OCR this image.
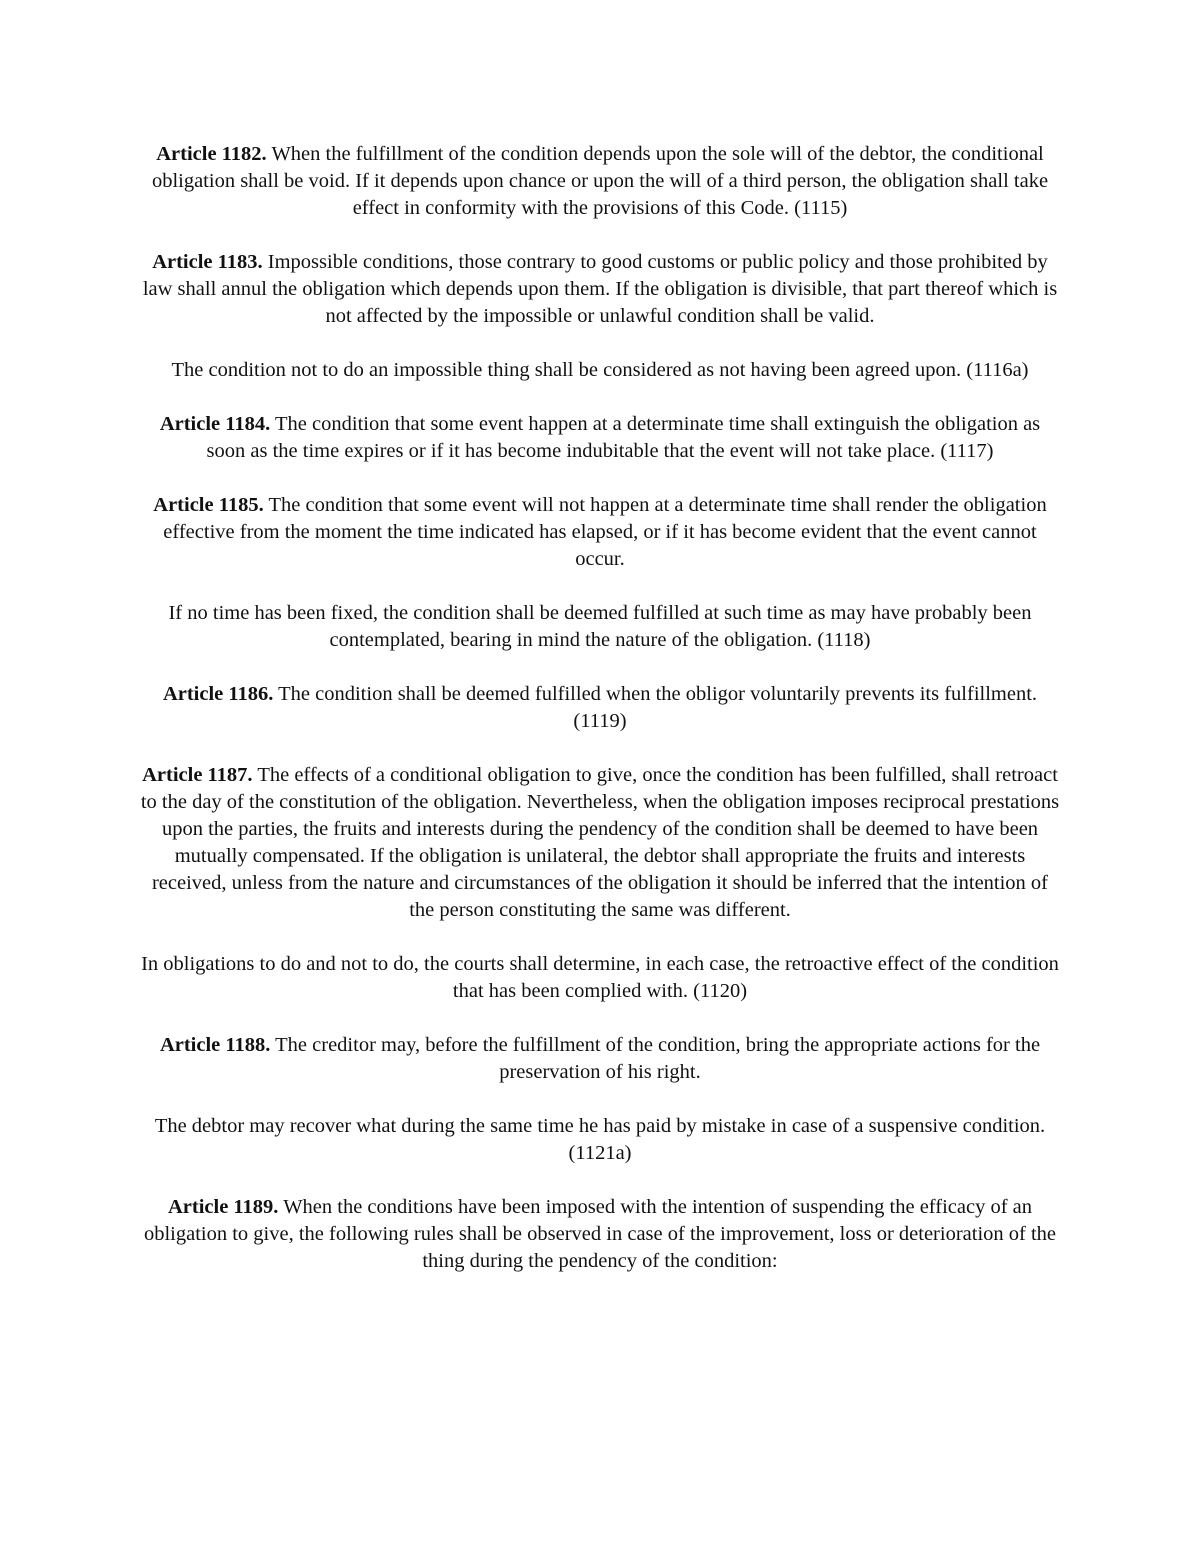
Article 1182. When the fulfillment of the condition depends upon the sole will of the debtor, the conditional obligation shall be void. If it depends upon chance or upon the will of a third person, the obligation shall take effect in conformity with the provisions of this Code. (1115)

Article 1183. Impossible conditions, those contrary to good customs or public policy and those prohibited by law shall annul the obligation which depends upon them. If the obligation is divisible, that part thereof which is not affected by the impossible or unlawful condition shall be valid.

The condition not to do an impossible thing shall be considered as not having been agreed upon. (1116a)

Article 1184. The condition that some event happen at a determinate time shall extinguish the obligation as soon as the time expires or if it has become indubitable that the event will not take place. (1117)

Article 1185. The condition that some event will not happen at a determinate time shall render the obligation effective from the moment the time indicated has elapsed, or if it has become evident that the event cannot occur.

If no time has been fixed, the condition shall be deemed fulfilled at such time as may have probably been contemplated, bearing in mind the nature of the obligation. (1118)

Article 1186. The condition shall be deemed fulfilled when the obligor voluntarily prevents its fulfillment. (1119)

Article 1187. The effects of a conditional obligation to give, once the condition has been fulfilled, shall retroact to the day of the constitution of the obligation. Nevertheless, when the obligation imposes reciprocal prestations upon the parties, the fruits and interests during the pendency of the condition shall be deemed to have been mutually compensated. If the obligation is unilateral, the debtor shall appropriate the fruits and interests received, unless from the nature and circumstances of the obligation it should be inferred that the intention of the person constituting the same was different.

In obligations to do and not to do, the courts shall determine, in each case, the retroactive effect of the condition that has been complied with. (1120)

Article 1188. The creditor may, before the fulfillment of the condition, bring the appropriate actions for the preservation of his right.

The debtor may recover what during the same time he has paid by mistake in case of a suspensive condition. (1121a)

Article 1189. When the conditions have been imposed with the intention of suspending the efficacy of an obligation to give, the following rules shall be observed in case of the improvement, loss or deterioration of the thing during the pendency of the condition:
